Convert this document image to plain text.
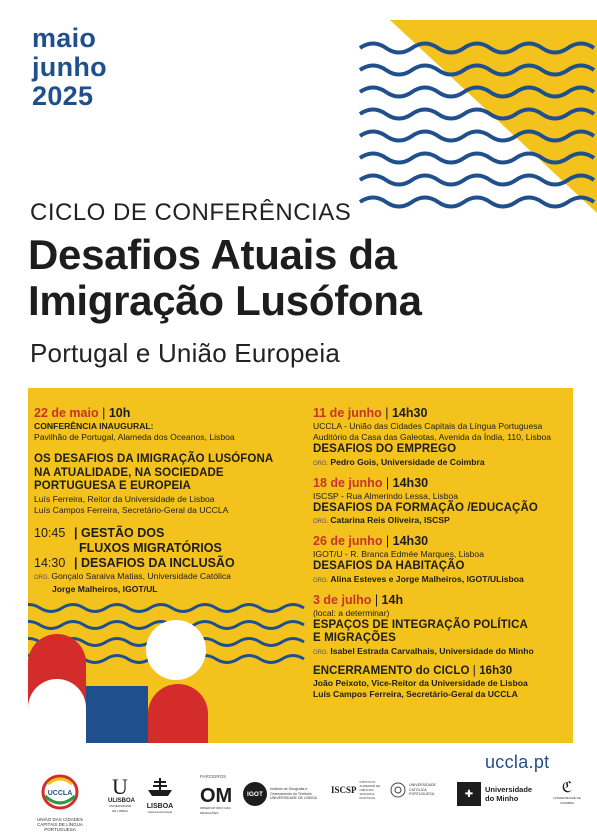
maio
junho
2025
CICLO DE CONFERÊNCIAS
Desafios Atuais da
Imigração Lusófona
Portugal e União Europeia
22 de maio | 10h
CONFERÊNCIA INAUGURAL:
Pavilhão de Portugal, Alameda dos Oceanos, Lisboa
OS DESAFIOS DA IMIGRAÇÃO LUSÓFONA
NA ATUALIDADE, NA SOCIEDADE
PORTUGUESA E EUROPEIA
Luís Ferreira, Reitor da Universidade de Lisboa
Luís Campos Ferreira, Secretário-Geral da UCCLA
10:45 | GESTÃO DOS
FLUXOS MIGRATÓRIOS
14:30 | DESAFIOS DA INCLUSÃO
ORG. Gonçalo Saraiva Matias, Universidade Católica
Jorge Malheiros, IGOT/UL
11 de junho | 14h30
UCCLA - União das Cidades Capitais da Língua Portuguesa
Auditório da Casa das Galeotas, Avenida da Índia, 110, Lisboa
DESAFIOS DO EMPREGO
ORG. Pedro Gois, Universidade de Coimbra
18 de junho | 14h30
ISCSP - Rua Almerindo Lessa, Lisboa
DESAFIOS DA FORMAÇÃO /EDUCAÇÃO
ORG. Catarina Reis Oliveira, ISCSP
26 de junho | 14h30
IGOT/U - R. Branca Edmée Marques, Lisboa
DESAFIOS DA HABITAÇÃO
ORG. Alina Esteves e Jorge Malheiros, IGOT/ULisboa
3 de julho | 14h
(local: a determinar)
ESPAÇOS DE INTEGRAÇÃO POLÍTICA
E MIGRAÇÕES
ORG. Isabel Estrada Carvalhais, Universidade do Minho
ENCERRAMENTO do CICLO | 16h30
João Peixoto, Vice-Reitor da Universidade de Lisboa
Luís Campos Ferreira, Secretário-Geral da UCCLA
uccla.pt
UCCLA
UNIÃO DAS CIDADES CAPITAIS DE LÍNGUA PORTUGUESA
U
ULISBOA
UNIVERSIDADE DE LISBOA
LISBOA
Câmara Municipal
PARCEIROS
OM
OBSERVATÓRIO DAS MIGRAÇÕES
IGOT
Instituto de Geografia e Ordenamento do Território
UNIVERSIDADE DE LISBOA
ISCSP
INSTITUTO SUPERIOR DE CIÊNCIAS SOCIAIS E POLÍTICAS
UNIVERSIDADE CATÓLICA PORTUGUESA	✚	Universidade
do Minho
ℭ
UNIVERSIDADE DE COIMBRA
